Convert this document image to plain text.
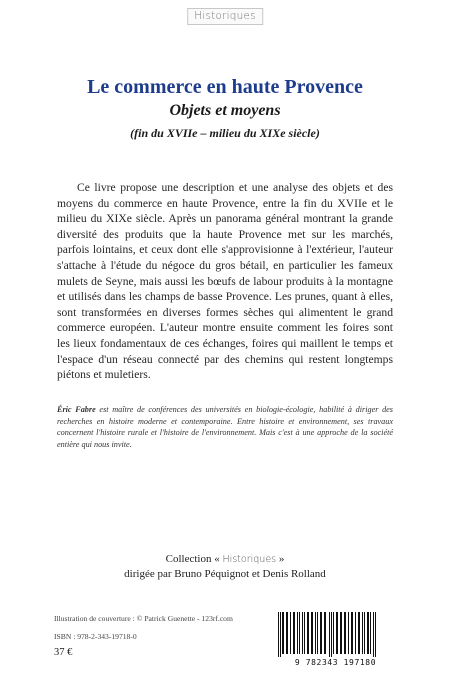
Historiques
Le commerce en haute Provence
Objets et moyens
(fin du XVIIe – milieu du XIXe siècle)

Ce livre propose une description et une analyse des objets et des moyens du commerce en haute Provence, entre la fin du XVIIe et le milieu du XIXe siècle. Après un panorama général montrant la grande diversité des produits que la haute Provence met sur les marchés, parfois lointains, et ceux dont elle s'approvisionne à l'extérieur, l'auteur s'attache à l'étude du négoce du gros bétail, en particulier les fameux mulets de Seyne, mais aussi les bœufs de labour produits à la montagne et utilisés dans les champs de basse Provence. Les prunes, quant à elles, sont transformées en diverses formes sèches qui alimentent le grand commerce européen. L'auteur montre ensuite comment les foires sont les lieux fondamentaux de ces échanges, foires qui maillent le temps et l'espace d'un réseau connecté par des chemins qui restent longtemps piétons et muletiers.

Éric Fabre est maître de conférences des universités en biologie-écologie, habilité à diriger des recherches en histoire moderne et contemporaine. Entre histoire et environnement, ses travaux concernent l'histoire rurale et l'histoire de l'environnement. Mais c'est à une approche de la société entière qui nous invite.

Collection « Historiques »
dirigée par Bruno Péquignot et Denis Rolland
Illustration de couverture : © Patrick Guenette - 123rf.com
ISBN : 978-2-343-19718-0
37 €
9 782343 197180
